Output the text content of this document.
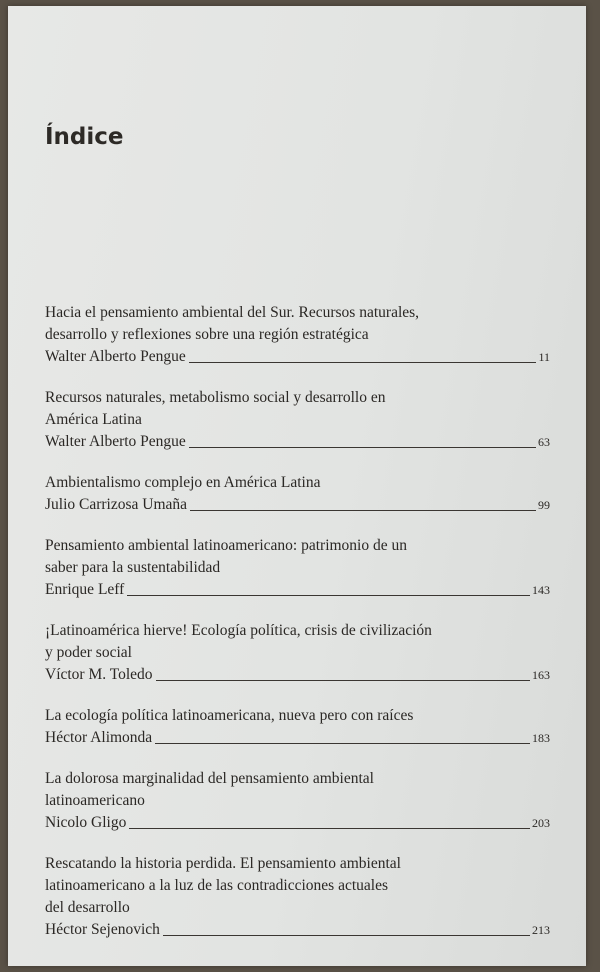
Índice
Hacia el pensamiento ambiental del Sur. Recursos naturales,
desarrollo y reflexiones sobre una región estratégica
Walter Alberto Pengue	11
Recursos naturales, metabolismo social y desarrollo en
América Latina
Walter Alberto Pengue	63
Ambientalismo complejo en América Latina
Julio Carrizosa Umaña	99
Pensamiento ambiental latinoamericano: patrimonio de un
saber para la sustentabilidad
Enrique Leff	143
¡Latinoamérica hierve! Ecología política, crisis de civilización
y poder social
Víctor M. Toledo	163
La ecología política latinoamericana, nueva pero con raíces
Héctor Alimonda	183
La dolorosa marginalidad del pensamiento ambiental
latinoamericano
Nicolo Gligo	203
Rescatando la historia perdida. El pensamiento ambiental
latinoamericano a la luz de las contradicciones actuales
del desarrollo
Héctor Sejenovich	213
